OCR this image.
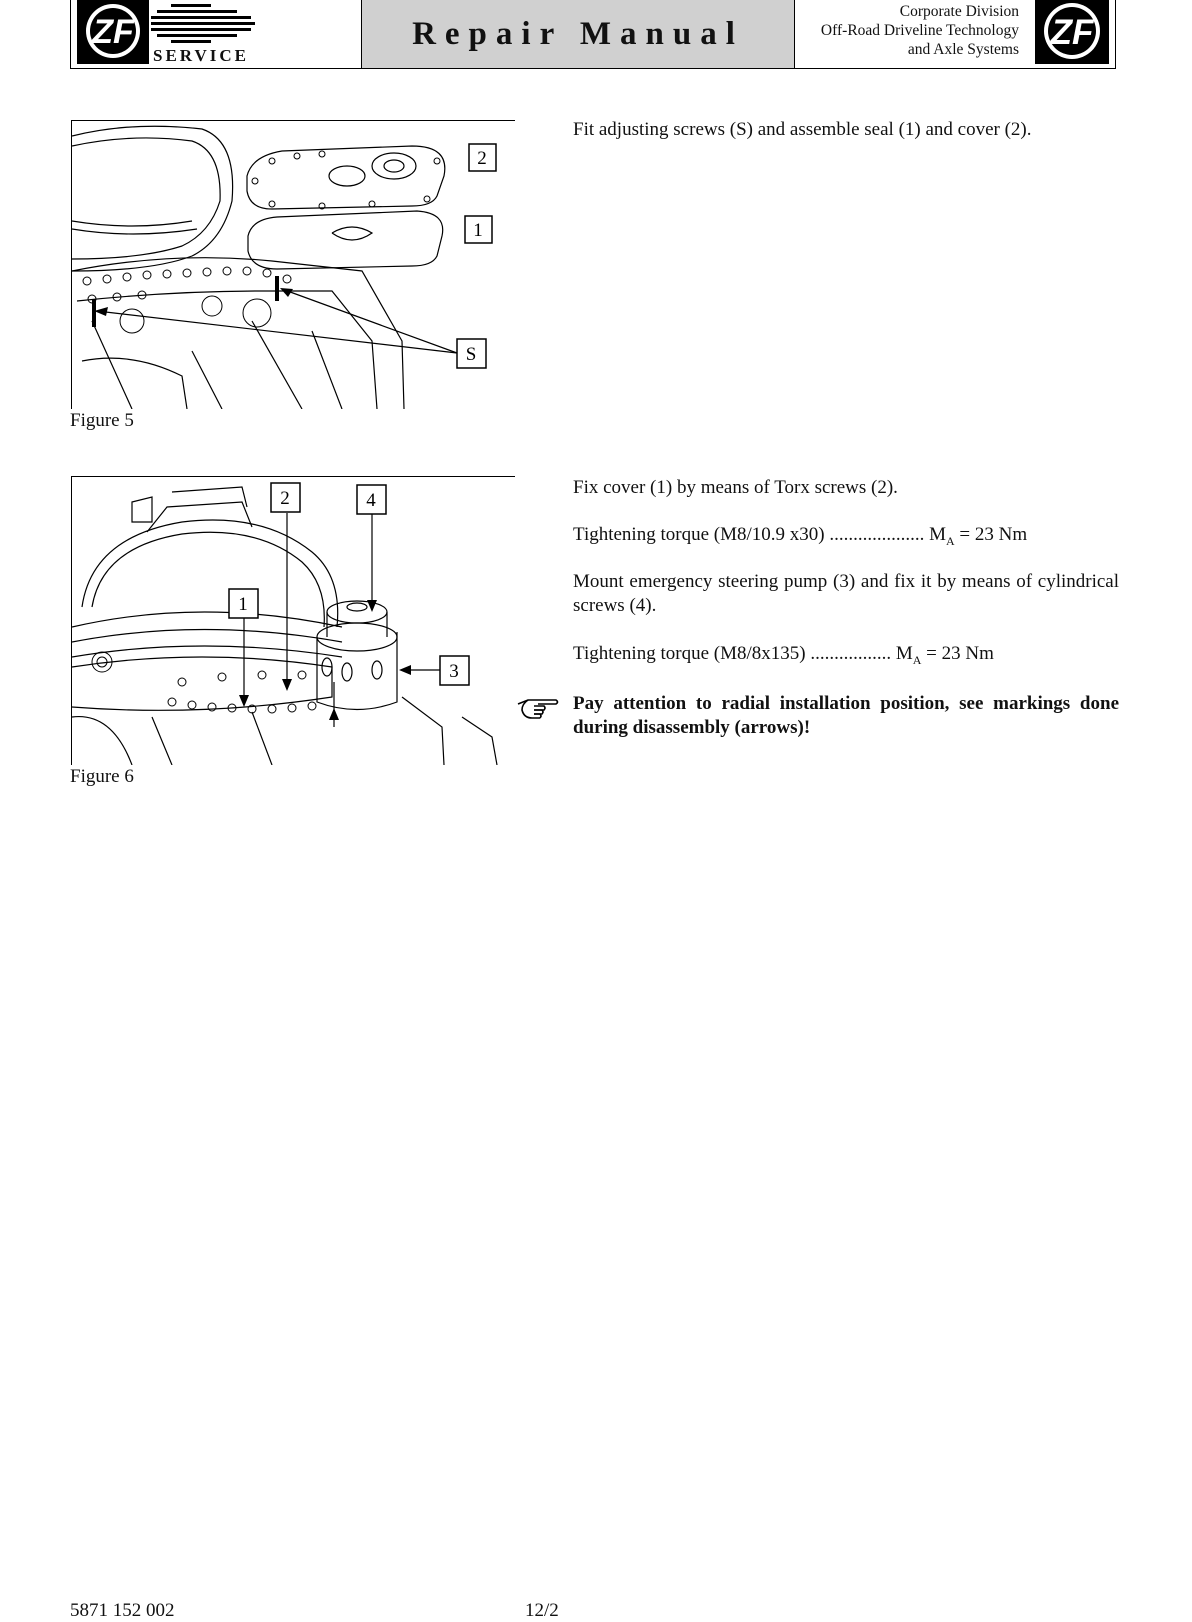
ZF
SERVICE
Repair Manual
Corporate Division
Off-Road Driveline Technology
and Axle Systems ZF
2
1
S
Figure 5
Fit adjusting screws (S) and assemble seal (1) and cover (2).
2	4
1
3
Figure 6
Fix cover (1) by means of Torx screws (2).
Tightening torque (M8/10.9 x30) .................... $M_A = 23$ Nm
Mount emergency steering pump (3) and fix it by means of cylindrical screws (4).
Tightening torque (M8/8x135) ................. $M_A = 23$ Nm
Pay attention to radial installation position, see markings done during disassembly (arrows)!
5871 152 002	12/2
